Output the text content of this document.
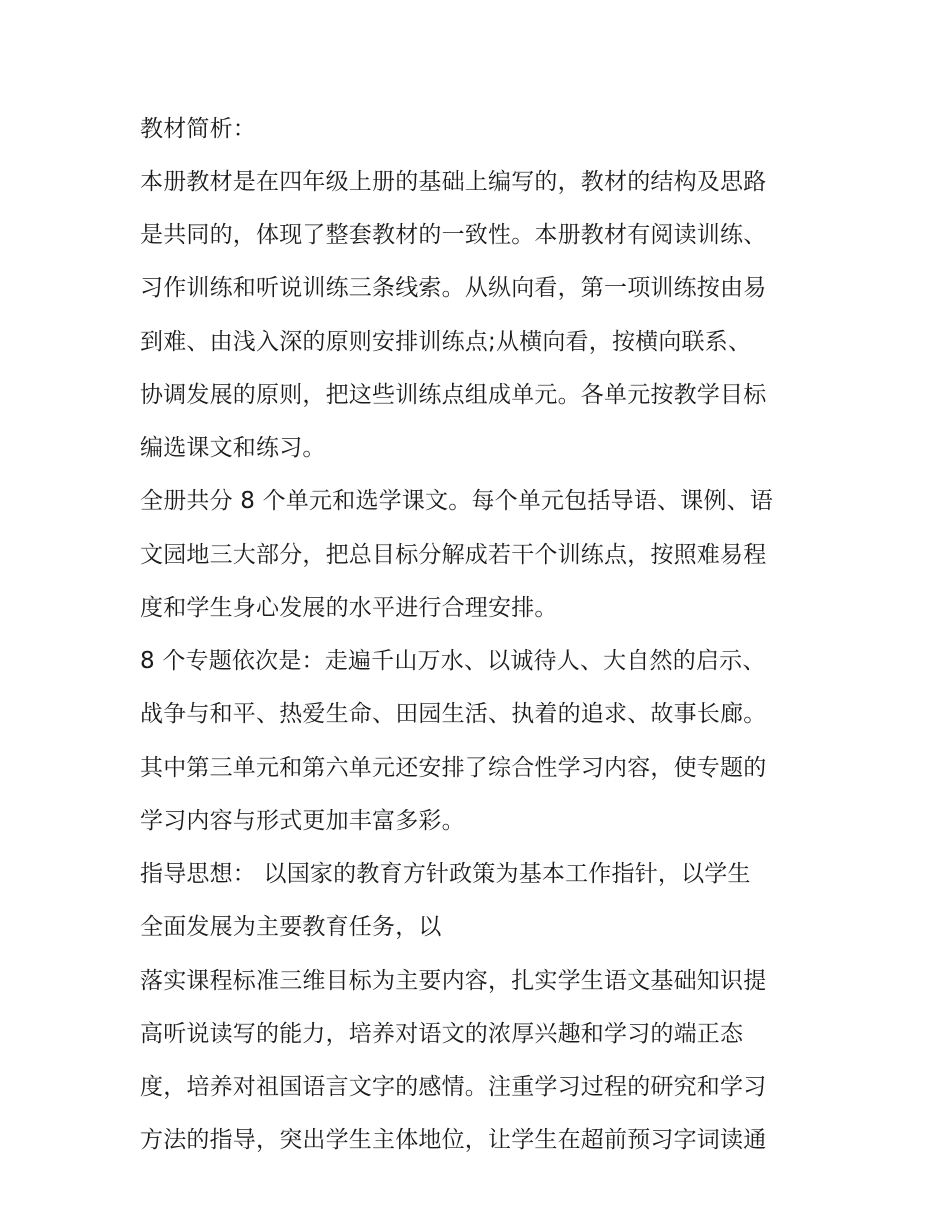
教材简析：
本册教材是在四年级上册的基础上编写的，教材的结构及思路
是共同的，体现了整套教材的一致性。本册教材有阅读训练、
习作训练和听说训练三条线索。从纵向看，第一项训练按由易
到难、由浅入深的原则安排训练点;从横向看，按横向联系、
协调发展的原则，把这些训练点组成单元。各单元按教学目标
编选课文和练习。
全册共分 8 个单元和选学课文。每个单元包括导语、课例、语
文园地三大部分，把总目标分解成若干个训练点，按照难易程
度和学生身心发展的水平进行合理安排。
8 个专题依次是：走遍千山万水、以诚待人、大自然的启示、
战争与和平、热爱生命、田园生活、执着的追求、故事长廊。
其中第三单元和第六单元还安排了综合性学习内容，使专题的
学习内容与形式更加丰富多彩。
指导思想： 以国家的教育方针政策为基本工作指针，以学生
全面发展为主要教育任务，以
落实课程标准三维目标为主要内容，扎实学生语文基础知识提
高听说读写的能力，培养对语文的浓厚兴趣和学习的端正态
度，培养对祖国语言文字的感情。注重学习过程的研究和学习
方法的指导，突出学生主体地位，让学生在超前预习字词读通
